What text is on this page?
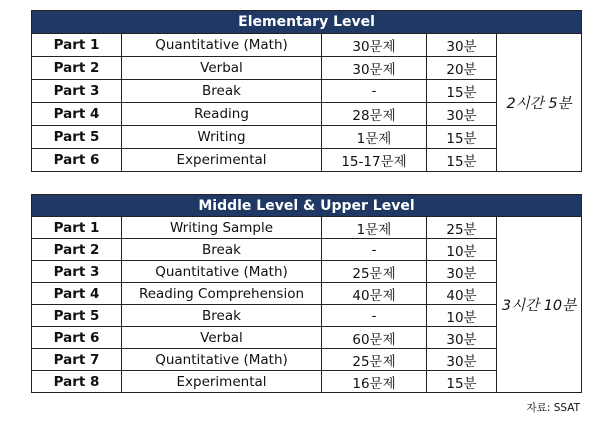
Elementary Level				
Part 1	Quantitative (Math)	30문제	30분	2시간 5분
Part 2	Verbal	30문제	20분	
Part 3	Break	-	15분	
Part 4	Reading	28문제	30분	
Part 5	Writing	1문제	15분	
Part 6	Experimental	15-17문제	15분	
Middle Level & Upper Level				
Part 1	Writing Sample	1문제	25분	3시간 10분
Part 2	Break	-	10분	
Part 3	Quantitative (Math)	25문제	30분	
Part 4	Reading Comprehension	40문제	40분	
Part 5	Break	-	10분	
Part 6	Verbal	60문제	30분	
Part 7	Quantitative (Math)	25문제	30분	
Part 8	Experimental	16문제	15분	
자료: SSAT
